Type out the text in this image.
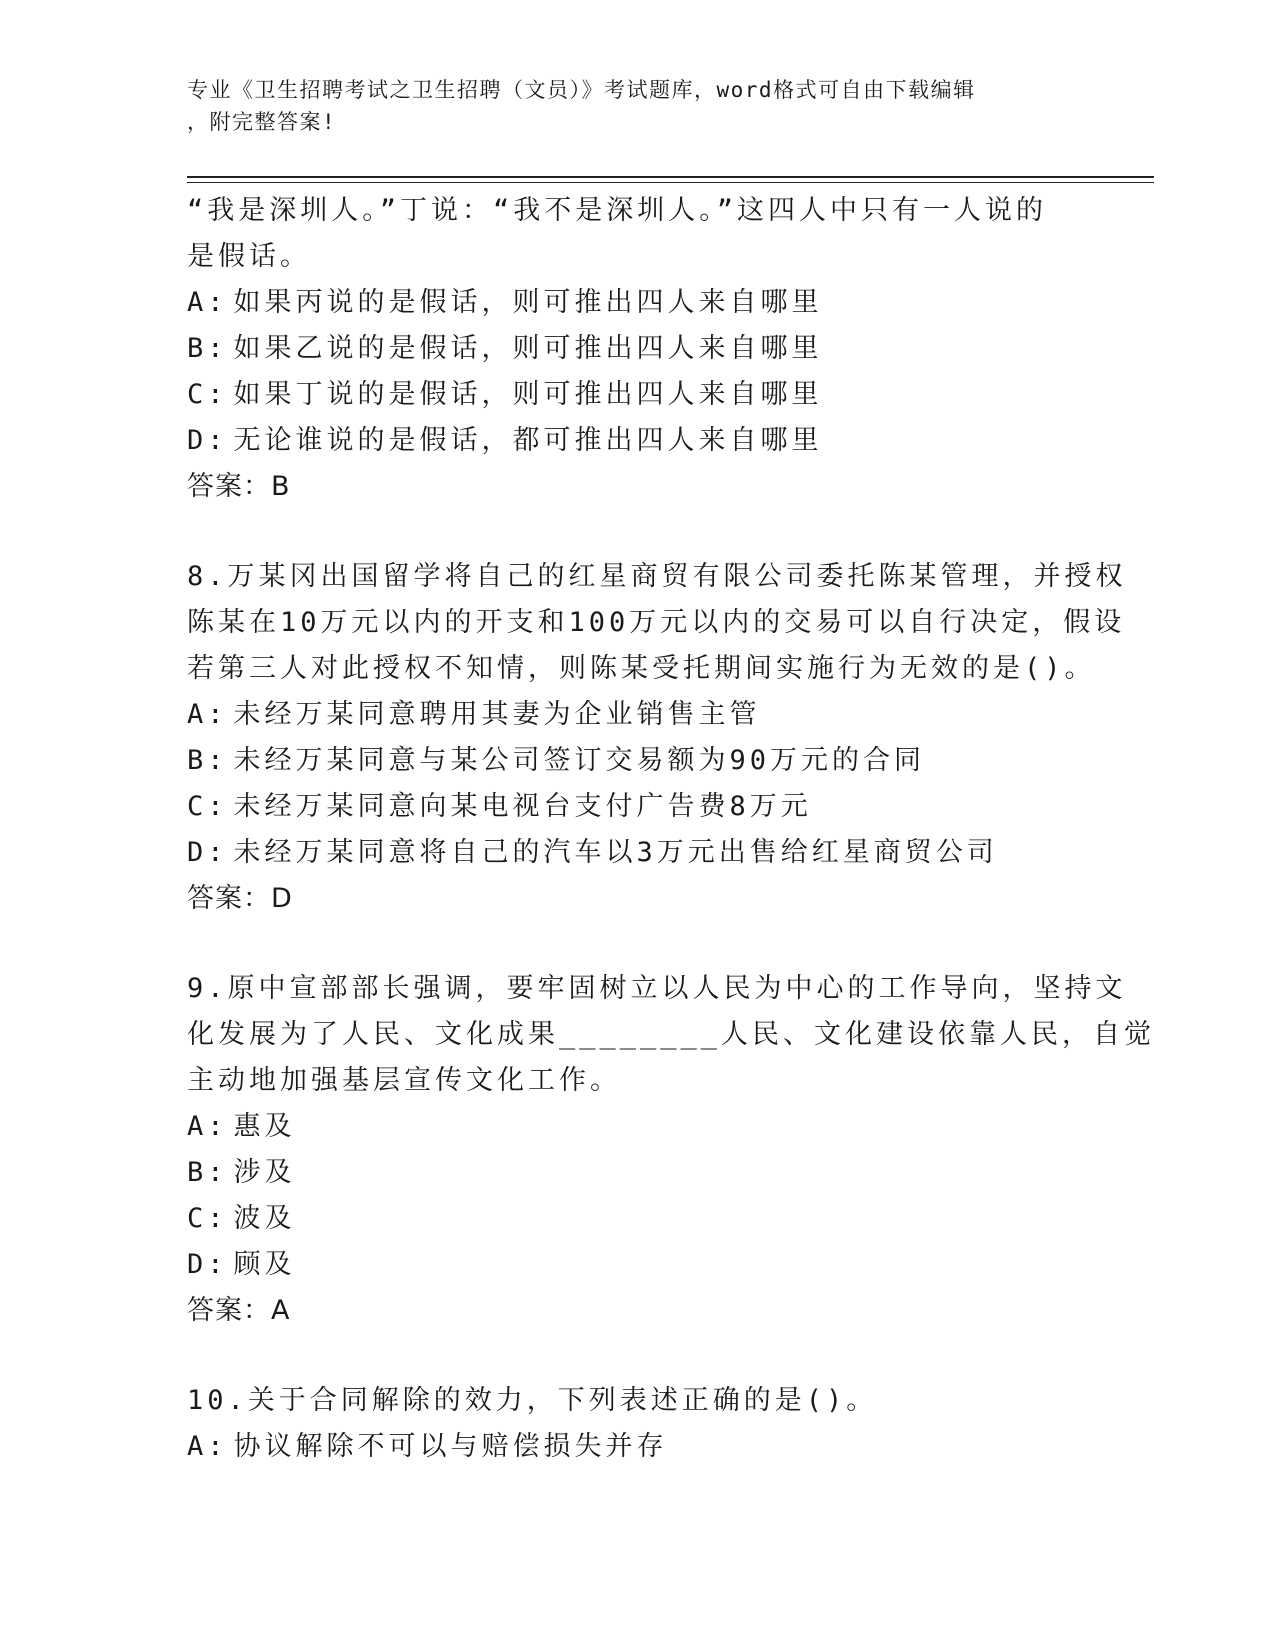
专业《卫生招聘考试之卫生招聘（文员）》考试题库，word格式可自由下载编辑
，附完整答案!
“我是深圳人。”丁说：“我不是深圳人。”这四人中只有一人说的
是假话。
A: 如果丙说的是假话，则可推出四人来自哪里
B: 如果乙说的是假话，则可推出四人来自哪里
C: 如果丁说的是假话，则可推出四人来自哪里
D: 无论谁说的是假话，都可推出四人来自哪里
答案：B
8.万某冈出国留学将自己的红星商贸有限公司委托陈某管理，并授权
陈某在10万元以内的开支和100万元以内的交易可以自行决定，假设
若第三人对此授权不知情，则陈某受托期间实施行为无效的是()。
A: 未经万某同意聘用其妻为企业销售主管
B: 未经万某同意与某公司签订交易额为90万元的合同
C: 未经万某同意向某电视台支付广告费8万元
D: 未经万某同意将自己的汽车以3万元出售给红星商贸公司
答案：D
9.原中宣部部长强调，要牢固树立以人民为中心的工作导向，坚持文
化发展为了人民、文化成果________人民、文化建设依靠人民，自觉
主动地加强基层宣传文化工作。
A: 惠及
B: 涉及
C: 波及
D: 顾及
答案：A
10.关于合同解除的效力，下列表述正确的是()。
A: 协议解除不可以与赔偿损失并存
